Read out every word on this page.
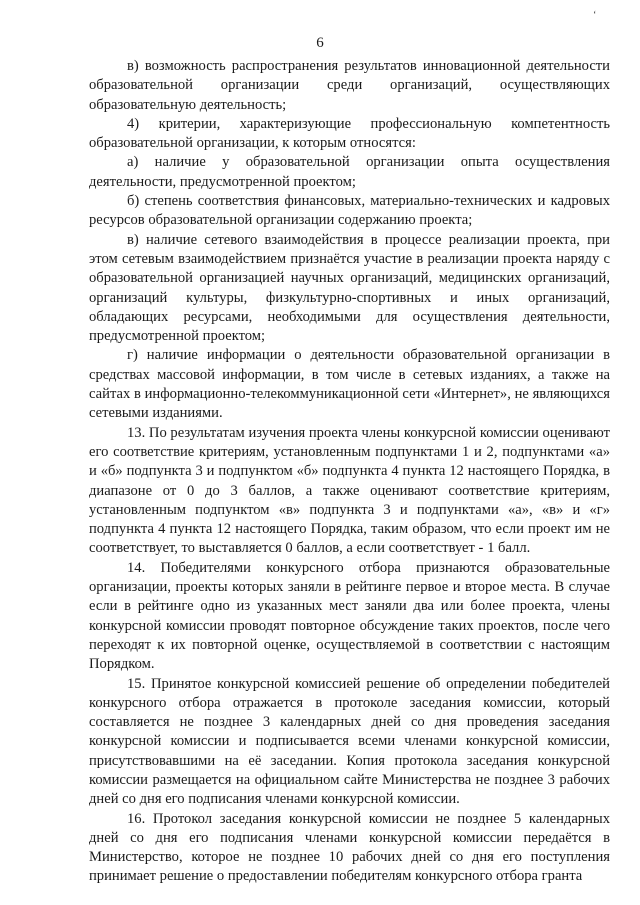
‘
6

в) возможность распространения результатов инновационной деятельности образовательной организации среди организаций, осуществляющих образовательную деятельность;

4) критерии, характеризующие профессиональную компетентность образовательной организации, к которым относятся:

а) наличие у образовательной организации опыта осуществления деятельности, предусмотренной проектом;

б) степень соответствия финансовых, материально-технических и кадровых ресурсов образовательной организации содержанию проекта;

в) наличие сетевого взаимодействия в процессе реализации проекта, при этом сетевым взаимодействием признаётся участие в реализации проекта наряду с образовательной организацией научных организаций, медицинских организаций, организаций культуры, физкультурно-спортивных и иных организаций, обладающих ресурсами, необходимыми для осуществления деятельности, предусмотренной проектом;

г) наличие информации о деятельности образовательной организации в средствах массовой информации, в том числе в сетевых изданиях, а также на сайтах в информационно-телекоммуникационной сети «Интернет», не являющихся сетевыми изданиями.

13. По результатам изучения проекта члены конкурсной комиссии оценивают его соответствие критериям, установленным подпунктами 1 и 2, подпунктами «а» и «б» подпункта 3 и подпунктом «б» подпункта 4 пункта 12 настоящего Порядка, в диапазоне от 0 до 3 баллов, а также оценивают соответствие критериям, установленным подпунктом «в» подпункта 3 и подпунктами «а», «в» и «г» подпункта 4 пункта 12 настоящего Порядка, таким образом, что если проект им не соответствует, то выставляется 0 баллов, а если соответствует - 1 балл.

14. Победителями конкурсного отбора признаются образовательные организации, проекты которых заняли в рейтинге первое и второе места. В случае если в рейтинге одно из указанных мест заняли два или более проекта, члены конкурсной комиссии проводят повторное обсуждение таких проектов, после чего переходят к их повторной оценке, осуществляемой в соответствии с настоящим Порядком.

15. Принятое конкурсной комиссией решение об определении победителей конкурсного отбора отражается в протоколе заседания комиссии, который составляется не позднее 3 календарных дней со дня проведения заседания конкурсной комиссии и подписывается всеми членами конкурсной комиссии, присутствовавшими на её заседании. Копия протокола заседания конкурсной комиссии размещается на официальном сайте Министерства не позднее 3 рабочих дней со дня его подписания членами конкурсной комиссии.

16. Протокол заседания конкурсной комиссии не позднее 5 календарных дней со дня его подписания членами конкурсной комиссии передаётся в Министерство, которое не позднее 10 рабочих дней со дня его поступления принимает решение о предоставлении победителям конкурсного отбора гранта
